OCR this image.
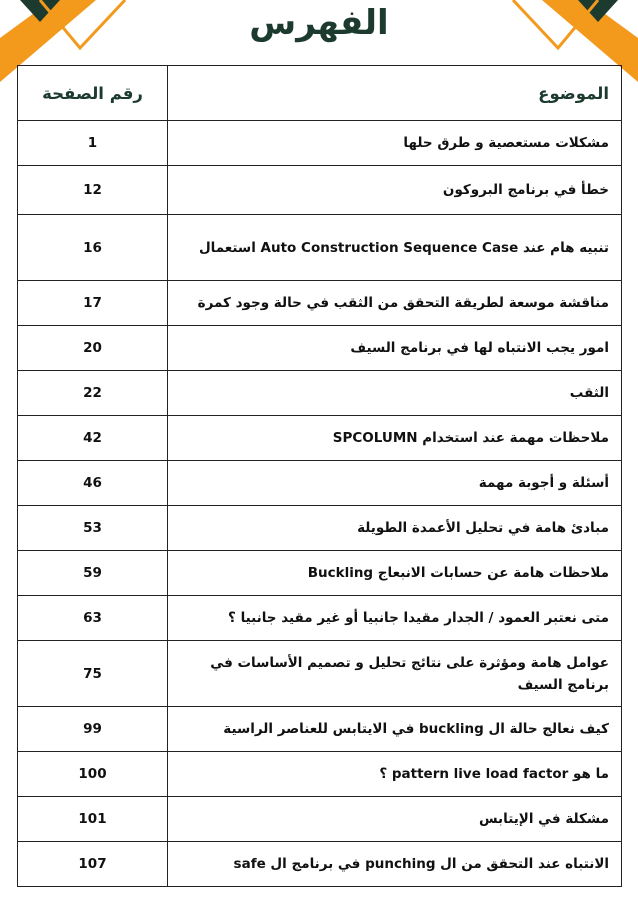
الفهرس
الموضوع	رقم الصفحة
مشكلات مستعصية و طرق حلها	1
خطأ في برنامج البروكون	12
تنبيه هام عند Auto Construction Sequence Case استعمال	16
مناقشة موسعة لطريقة التحقق من الثقب في حالة وجود كمرة	17
امور يجب الانتباه لها في برنامج السيف	20
الثقب	22
ملاحظات مهمة عند استخدام SPCOLUMN	42
أسئلة و أجوبة مهمة	46
مبادئ هامة في تحليل الأعمدة الطويلة	53
ملاحظات هامة عن حسابات الانبعاج Buckling	59
متى نعتبر العمود / الجدار مقيدا جانبيا أو غير مقيد جانبيا ؟	63
عوامل هامة ومؤثرة على نتائج تحليل و تصميم الأساسات في برنامج السيف	75
كيف نعالج حالة ال buckling في الايتابس للعناصر الراسية	99
ما هو pattern live load factor ؟	100
مشكلة في الإيتابس	101
الانتباه عند التحقق من ال punching في برنامج ال safe	107
